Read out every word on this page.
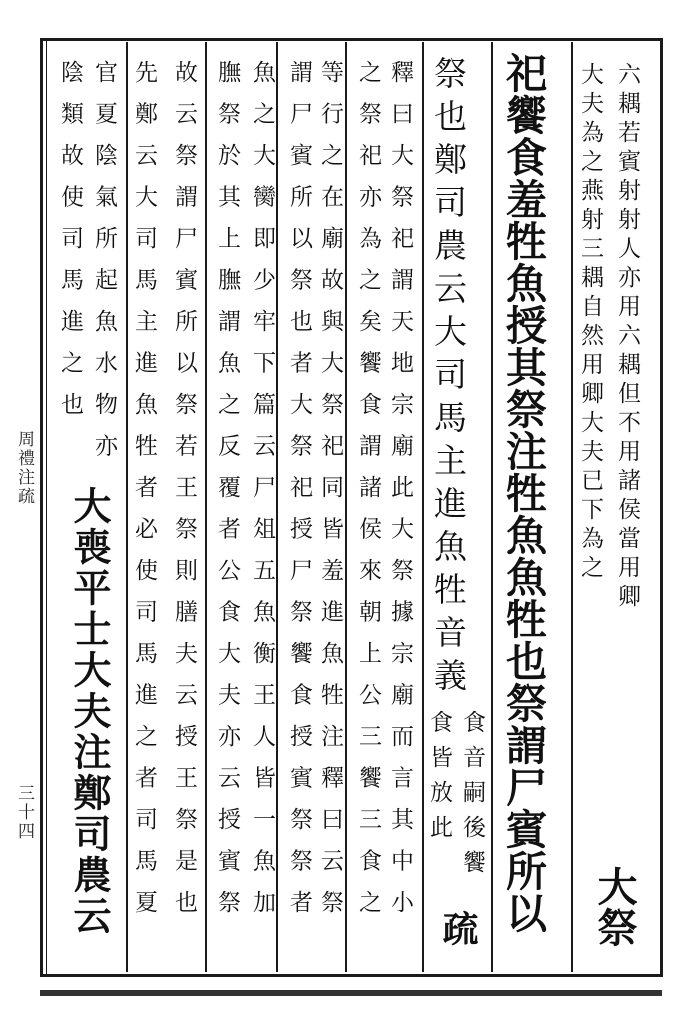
周禮注疏
三十四
六耦若賓射射人亦用六耦但不用諸侯當用卿
大夫為之燕射三耦自然用卿大夫已下為之
大祭
祀饗食羞牲魚授其祭注牲魚魚牲也祭謂尸賓所以
祭也鄭司農云大司馬主進魚牲音義
食音嗣後饗
食皆放此
疏
釋曰大祭祀謂天地宗廟此大祭據宗廟而言其中小
之祭祀亦為之矣饗食謂諸侯來朝上公三饗三食之
等行之在廟故與大祭祀同皆羞進魚牲注釋曰云祭
謂尸賓所以祭也者大祭祀授尸祭饗食授賓祭祭者
魚之大臠即少牢下篇云尸俎五魚衡王人皆一魚加
膴祭於其上膴謂魚之反覆者公食大夫亦云授賓祭
故云祭謂尸賓所以祭若王祭則膳夫云授王祭是也
先鄭云大司馬主進魚牲者必使司馬進之者司馬夏
官夏陰氣所起魚水物亦
陰類故使司馬進之也
大喪平士大夫注鄭司農云
